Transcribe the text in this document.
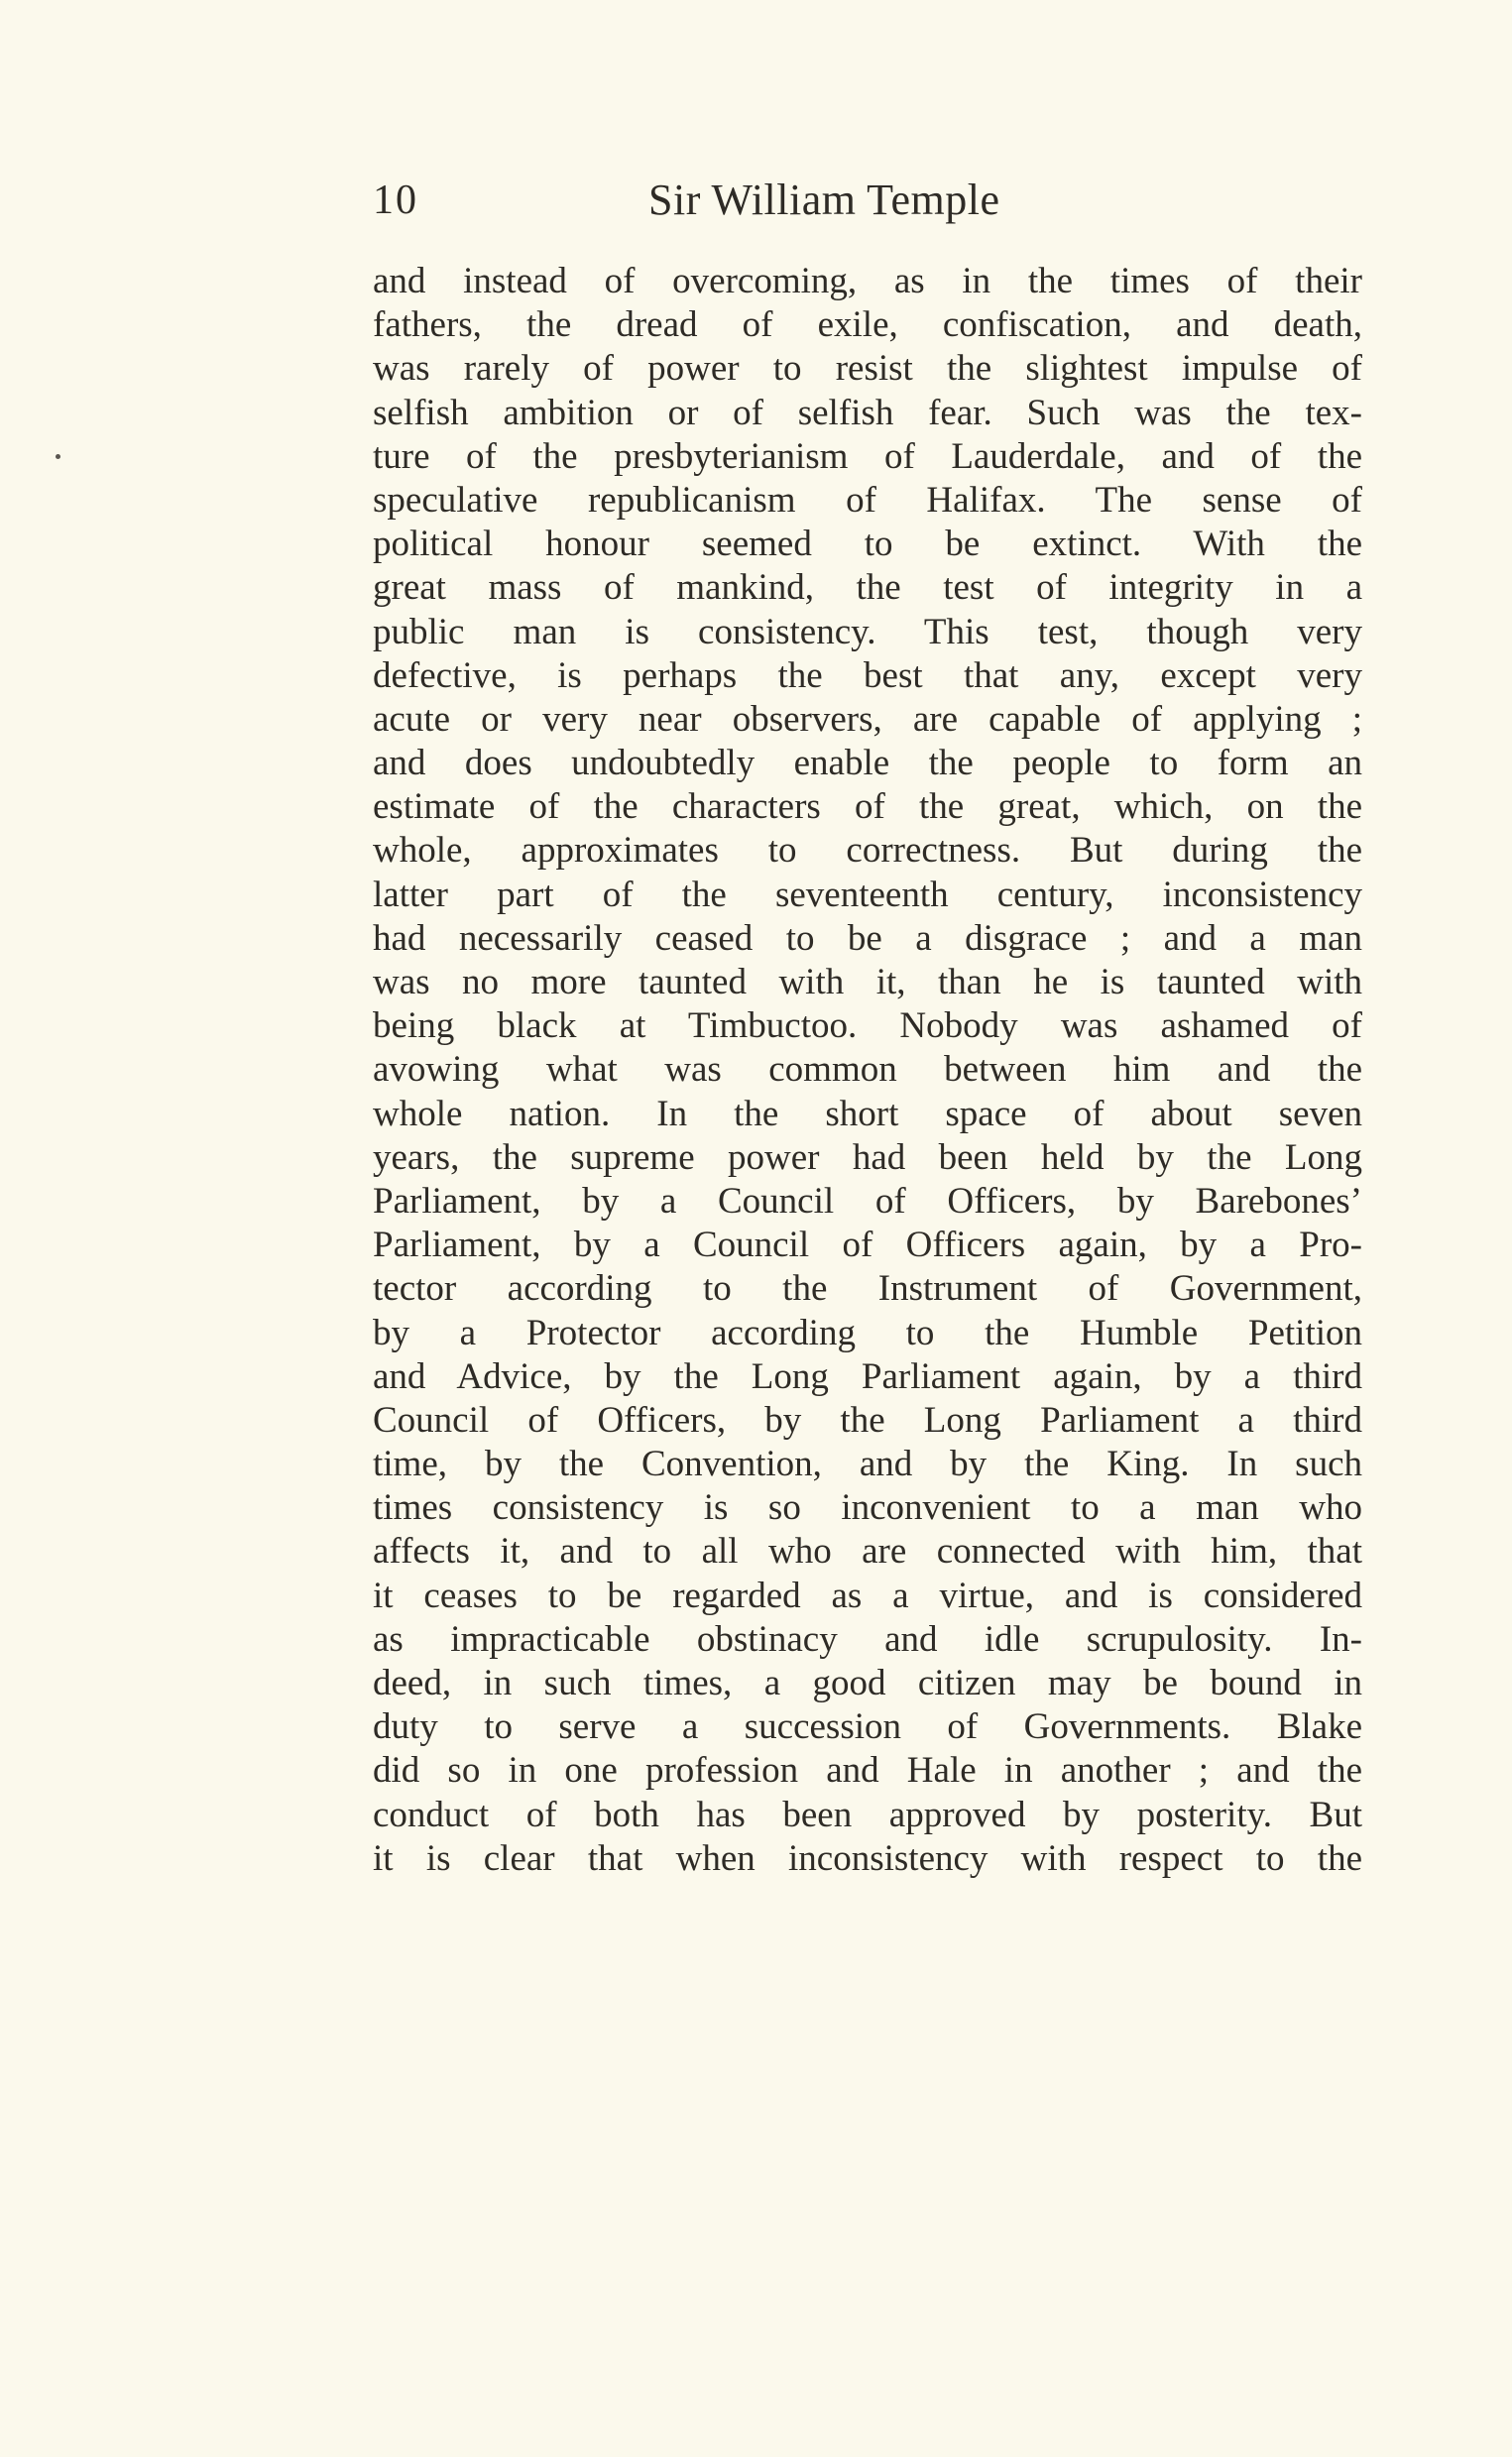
10	Sir William Temple
and instead of overcoming, as in the times of their
fathers, the dread of exile, confiscation, and death,
was rarely of power to resist the slightest impulse of
selfish ambition or of selfish fear. Such was the tex-
ture of the presbyterianism of Lauderdale, and of the
speculative republicanism of Halifax. The sense of
political honour seemed to be extinct. With the
great mass of mankind, the test of integrity in a
public man is consistency. This test, though very
defective, is perhaps the best that any, except very
acute or very near observers, are capable of applying ;
and does undoubtedly enable the people to form an
estimate of the characters of the great, which, on the
whole, approximates to correctness. But during the
latter part of the seventeenth century, inconsistency
had necessarily ceased to be a disgrace ; and a man
was no more taunted with it, than he is taunted with
being black at Timbuctoo. Nobody was ashamed of
avowing what was common between him and the
whole nation. In the short space of about seven
years, the supreme power had been held by the Long
Parliament, by a Council of Officers, by Barebones’
Parliament, by a Council of Officers again, by a Pro-
tector according to the Instrument of Government,
by a Protector according to the Humble Petition
and Advice, by the Long Parliament again, by a third
Council of Officers, by the Long Parliament a third
time, by the Convention, and by the King. In such
times consistency is so inconvenient to a man who
affects it, and to all who are connected with him, that
it ceases to be regarded as a virtue, and is considered
as impracticable obstinacy and idle scrupulosity. In-
deed, in such times, a good citizen may be bound in
duty to serve a succession of Governments. Blake
did so in one profession and Hale in another ; and the
conduct of both has been approved by posterity. But
it is clear that when inconsistency with respect to the
